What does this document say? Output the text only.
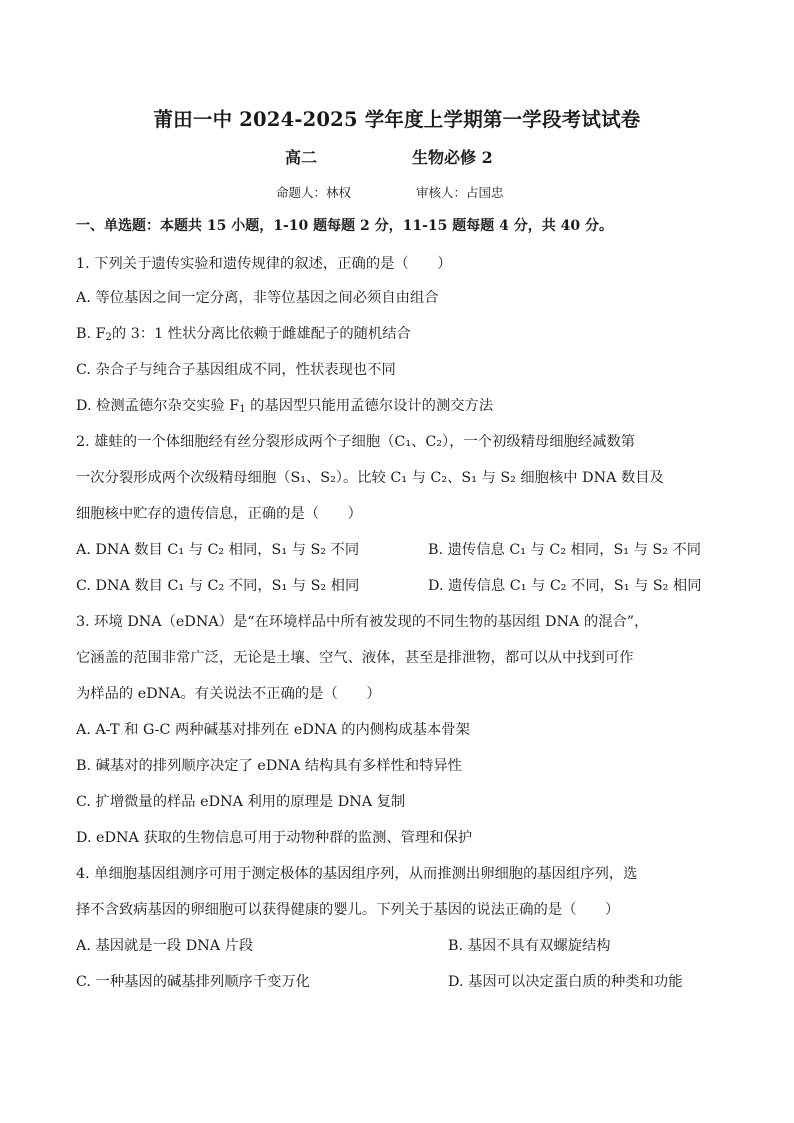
莆田一中 2024-2025 学年度上学期第一学段考试试卷
高二	生物必修 2
命题人：林权	审核人：占国忠
一、单选题：本题共 15 小题，1-10 题每题 2 分，11-15 题每题 4 分，共 40 分。
1. 下列关于遗传实验和遗传规律的叙述，正确的是（　　）
A. 等位基因之间一定分离，非等位基因之间必须自由组合
B. $F_2$的 3：1 性状分离比依赖于雌雄配子的随机结合
C. 杂合子与纯合子基因组成不同，性状表现也不同
D. 检测孟德尔杂交实验 $F_1$ 的基因型只能用孟德尔设计的测交方法
2. 雄蛙的一个体细胞经有丝分裂形成两个子细胞（C₁、C₂），一个初级精母细胞经减数第
一次分裂形成两个次级精母细胞（S₁、S₂）。比较 C₁ 与 C₂、S₁ 与 S₂ 细胞核中 DNA 数目及
细胞核中贮存的遗传信息，正确的是（　　）
A. DNA 数目 C₁ 与 C₂ 相同，S₁ 与 S₂ 不同	B. 遗传信息 C₁ 与 C₂ 相同，S₁ 与 S₂ 不同
C. DNA 数目 C₁ 与 C₂ 不同，S₁ 与 S₂ 相同	D. 遗传信息 C₁ 与 C₂ 不同，S₁ 与 S₂ 相同
3. 环境 DNA（eDNA）是“在环境样品中所有被发现的不同生物的基因组 DNA 的混合”，
它涵盖的范围非常广泛，无论是土壤、空气、液体，甚至是排泄物，都可以从中找到可作
为样品的 eDNA。有关说法不正确的是（　　）
A. A-T 和 G-C 两种碱基对排列在 eDNA 的内侧构成基本骨架
B. 碱基对的排列顺序决定了 eDNA 结构具有多样性和特异性
C. 扩增微量的样品 eDNA 利用的原理是 DNA 复制
D. eDNA 获取的生物信息可用于动物种群的监测、管理和保护
4. 单细胞基因组测序可用于测定极体的基因组序列，从而推测出卵细胞的基因组序列，选
择不含致病基因的卵细胞可以获得健康的婴儿。下列关于基因的说法正确的是（　　）
A. 基因就是一段 DNA 片段	B. 基因不具有双螺旋结构
C. 一种基因的碱基排列顺序千变万化	D. 基因可以决定蛋白质的种类和功能
